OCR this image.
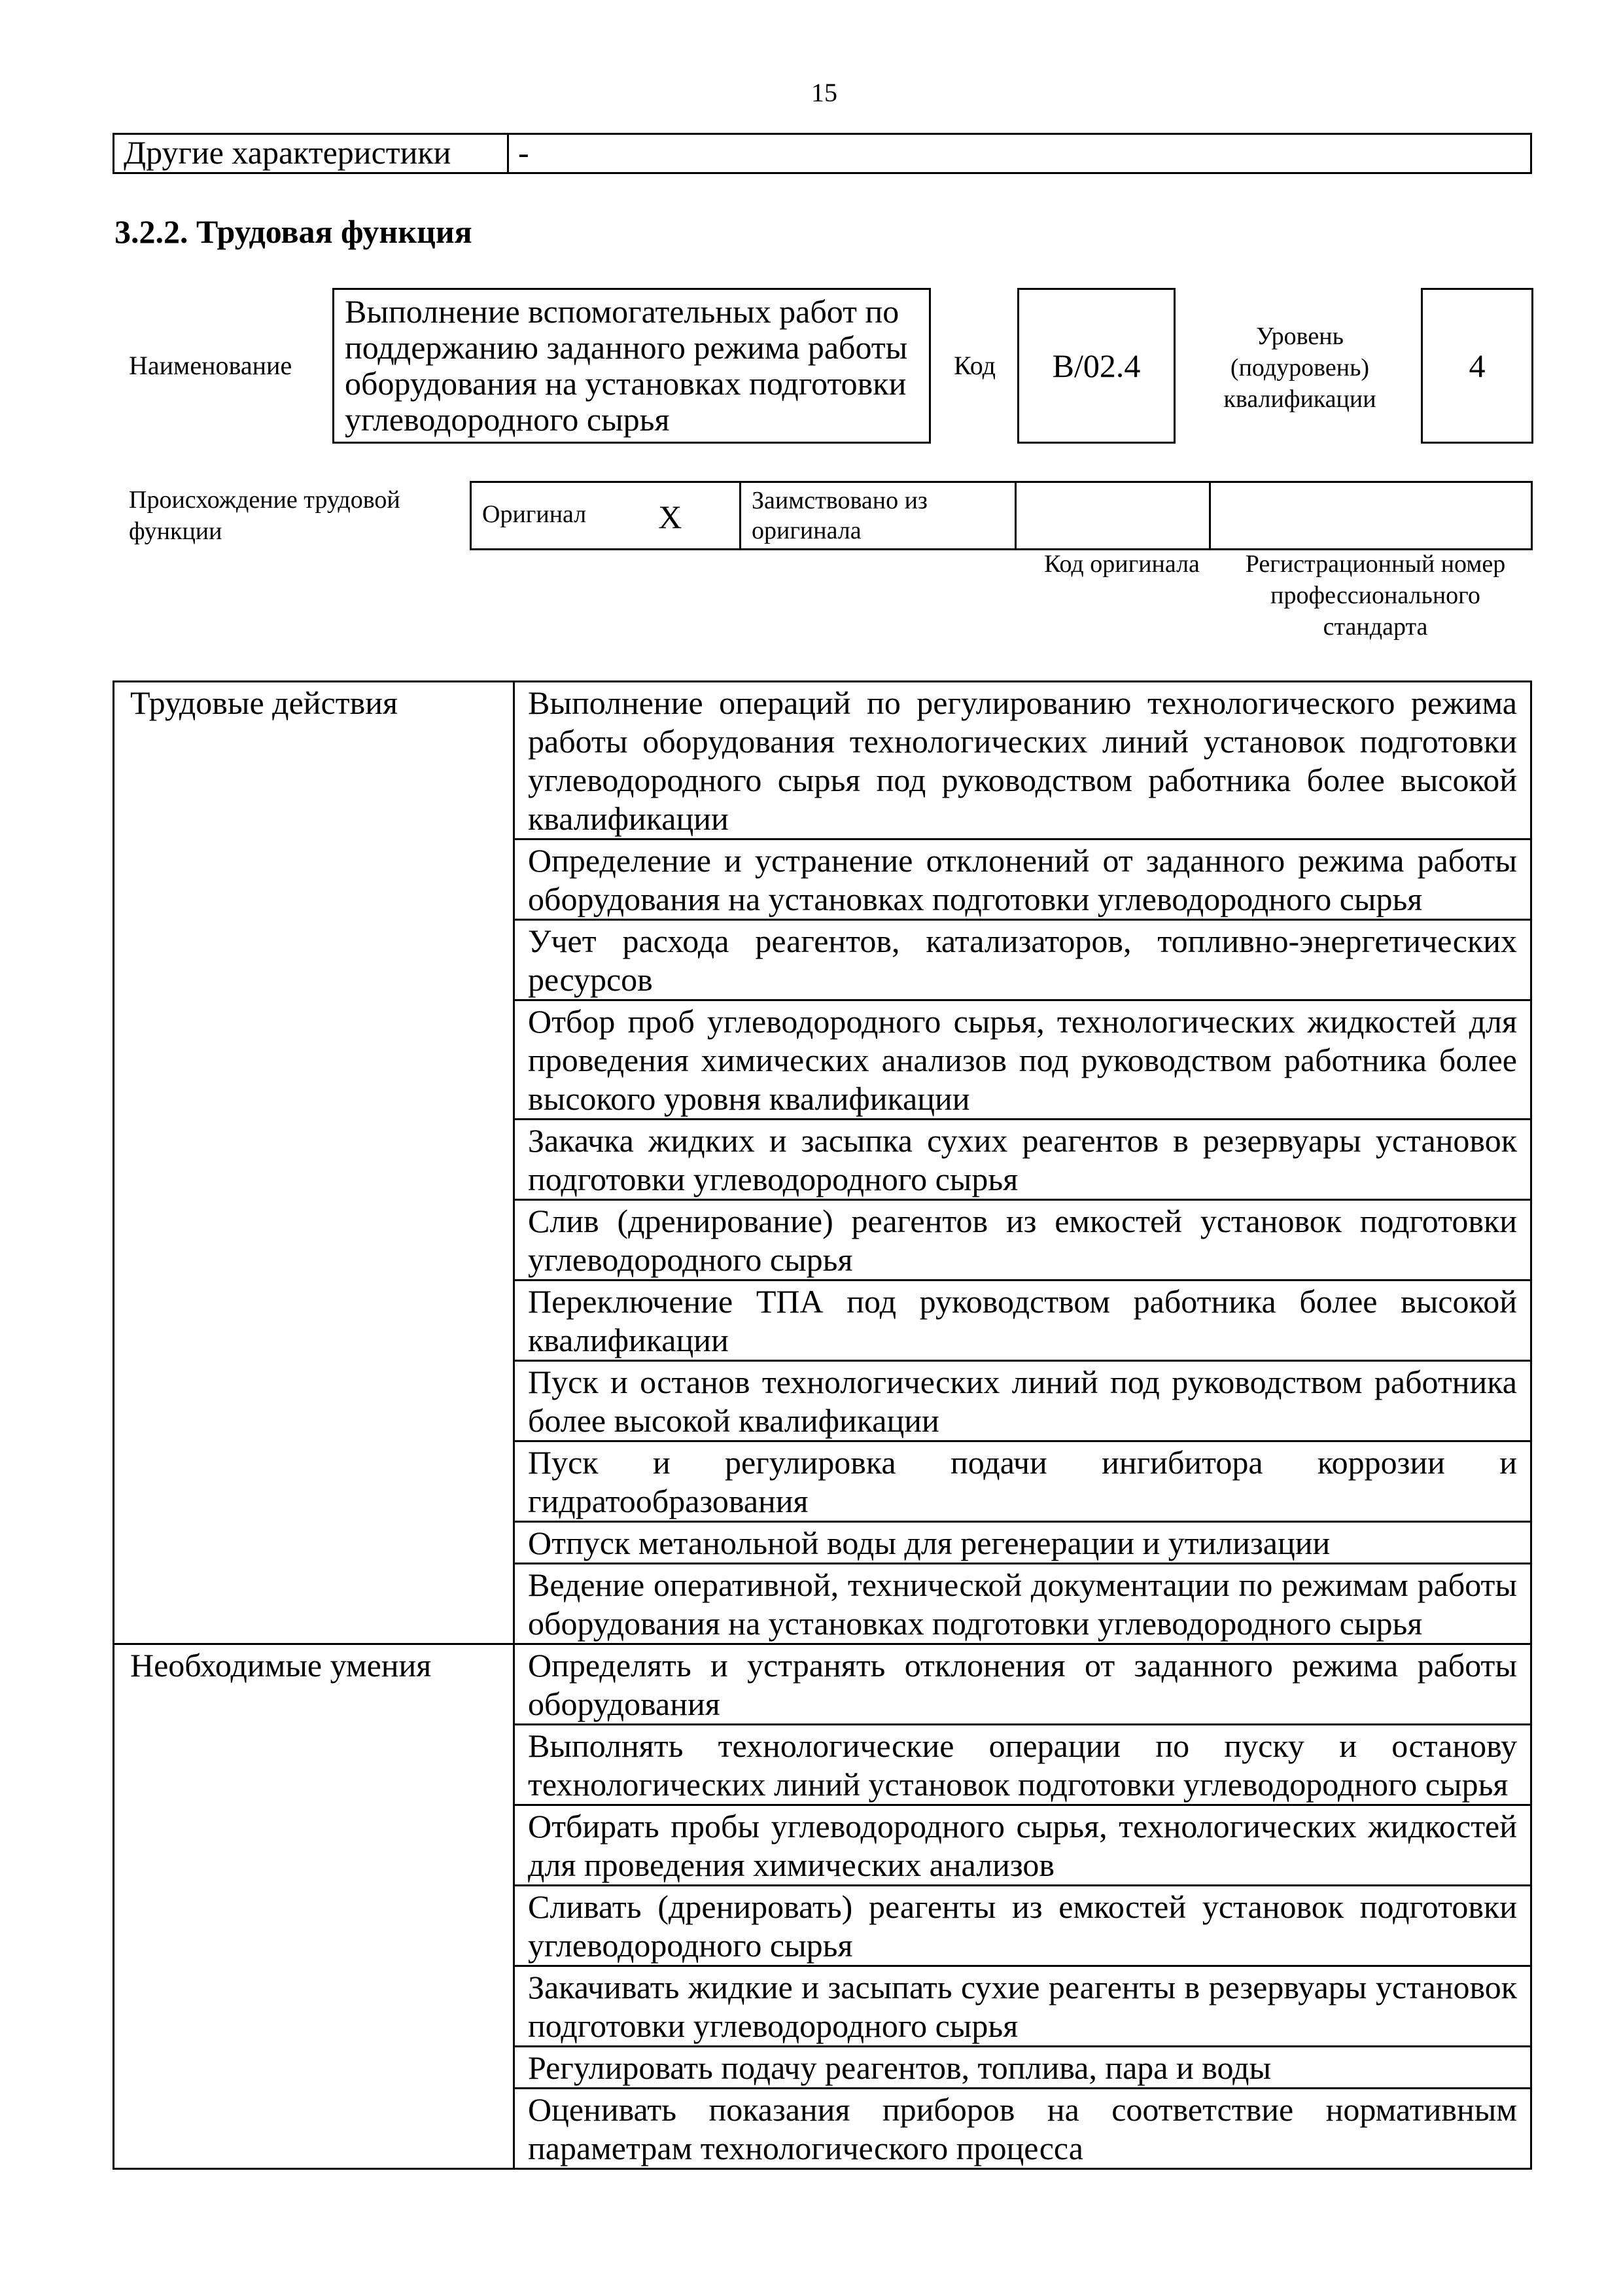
15
Другие характеристики	-
3.2.2. Трудовая функция
Наименование
Выполнение вспомогательных работ по поддержанию заданного режима работы оборудования на установках подготовки углеводородного сырья
Код	В/02.4
Уровень (подуровень) квалификации
4
Происхождение трудовой функции
Оригинал X	Заимствовано из оригинала		
Код оригинала	Регистрационный номер профессионального стандарта
Трудовые действия	Выполнение операций по регулированию технологического режима работы оборудования технологических линий установок подготовки углеводородного сырья под руководством работника более высокой квалификации
	Определение и устранение отклонений от заданного режима работы оборудования на установках подготовки углеводородного сырья
	Учет расхода реагентов, катализаторов, топливно-энергетических ресурсов
	Отбор проб углеводородного сырья, технологических жидкостей для проведения химических анализов под руководством работника более высокого уровня квалификации
	Закачка жидких и засыпка сухих реагентов в резервуары установок подготовки углеводородного сырья
	Слив (дренирование) реагентов из емкостей установок подготовки углеводородного сырья
	Переключение ТПА под руководством работника более высокой квалификации
	Пуск и останов технологических линий под руководством работника более высокой квалификации
	Пуск и регулировка подачи ингибитора коррозии и гидратообразования
	Отпуск метанольной воды для регенерации и утилизации
	Ведение оперативной, технической документации по режимам работы оборудования на установках подготовки углеводородного сырья
Необходимые умения	Определять и устранять отклонения от заданного режима работы оборудования
	Выполнять технологические операции по пуску и останову технологических линий установок подготовки углеводородного сырья
	Отбирать пробы углеводородного сырья, технологических жидкостей для проведения химических анализов
	Сливать (дренировать) реагенты из емкостей установок подготовки углеводородного сырья
	Закачивать жидкие и засыпать сухие реагенты в резервуары установок подготовки углеводородного сырья
	Регулировать подачу реагентов, топлива, пара и воды
	Оценивать показания приборов на соответствие нормативным параметрам технологического процесса
